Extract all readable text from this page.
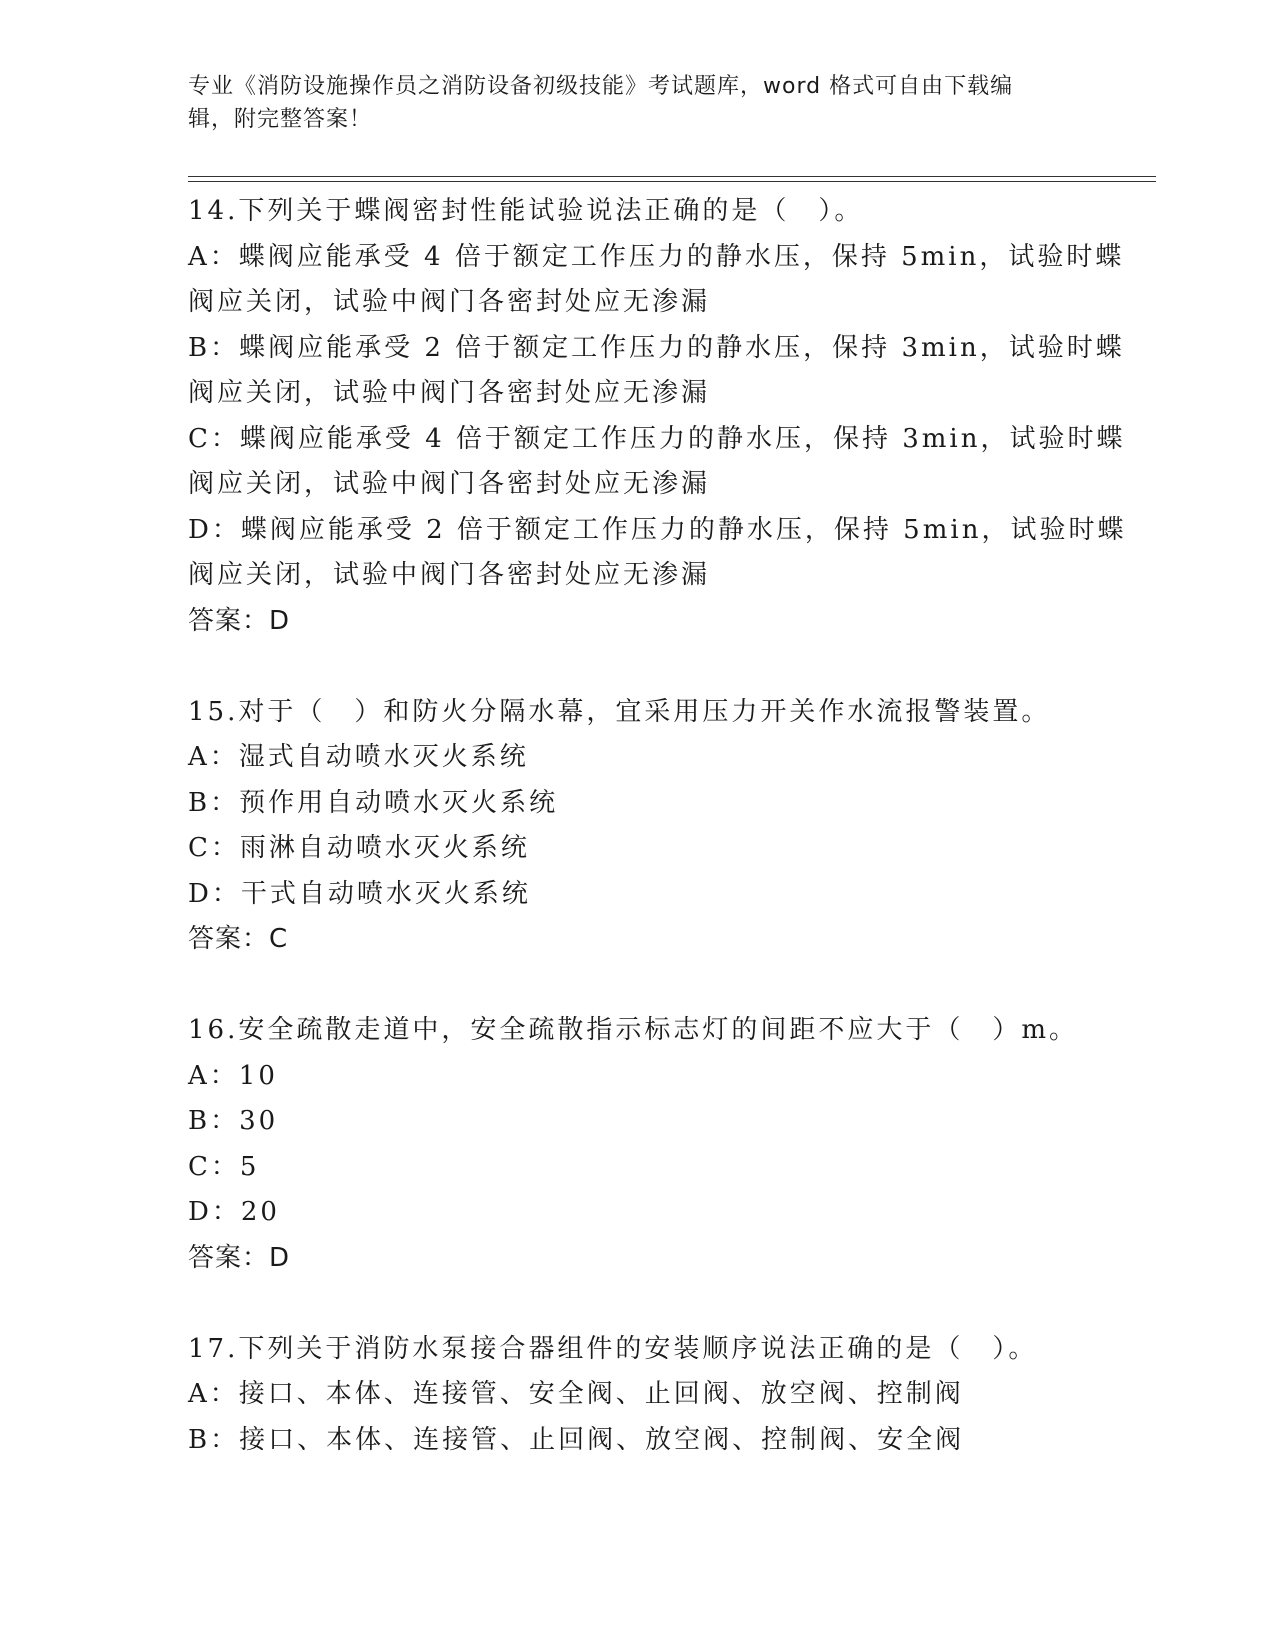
专业《消防设施操作员之消防设备初级技能》考试题库，word 格式可自由下载编
辑，附完整答案！
14.下列关于蝶阀密封性能试验说法正确的是（　）。
A：蝶阀应能承受 4 倍于额定工作压力的静水压，保持 5min，试验时蝶
阀应关闭，试验中阀门各密封处应无渗漏
B：蝶阀应能承受 2 倍于额定工作压力的静水压，保持 3min，试验时蝶
阀应关闭，试验中阀门各密封处应无渗漏
C：蝶阀应能承受 4 倍于额定工作压力的静水压，保持 3min，试验时蝶
阀应关闭，试验中阀门各密封处应无渗漏
D：蝶阀应能承受 2 倍于额定工作压力的静水压，保持 5min，试验时蝶
阀应关闭，试验中阀门各密封处应无渗漏
答案：D
15.对于（　）和防火分隔水幕，宜采用压力开关作水流报警装置。
A：湿式自动喷水灭火系统
B：预作用自动喷水灭火系统
C：雨淋自动喷水灭火系统
D：干式自动喷水灭火系统
答案：C
16.安全疏散走道中，安全疏散指示标志灯的间距不应大于（　）m。
A：10
B：30
C：5
D：20
答案：D
17.下列关于消防水泵接合器组件的安装顺序说法正确的是（　）。
A：接口、本体、连接管、安全阀、止回阀、放空阀、控制阀
B：接口、本体、连接管、止回阀、放空阀、控制阀、安全阀
